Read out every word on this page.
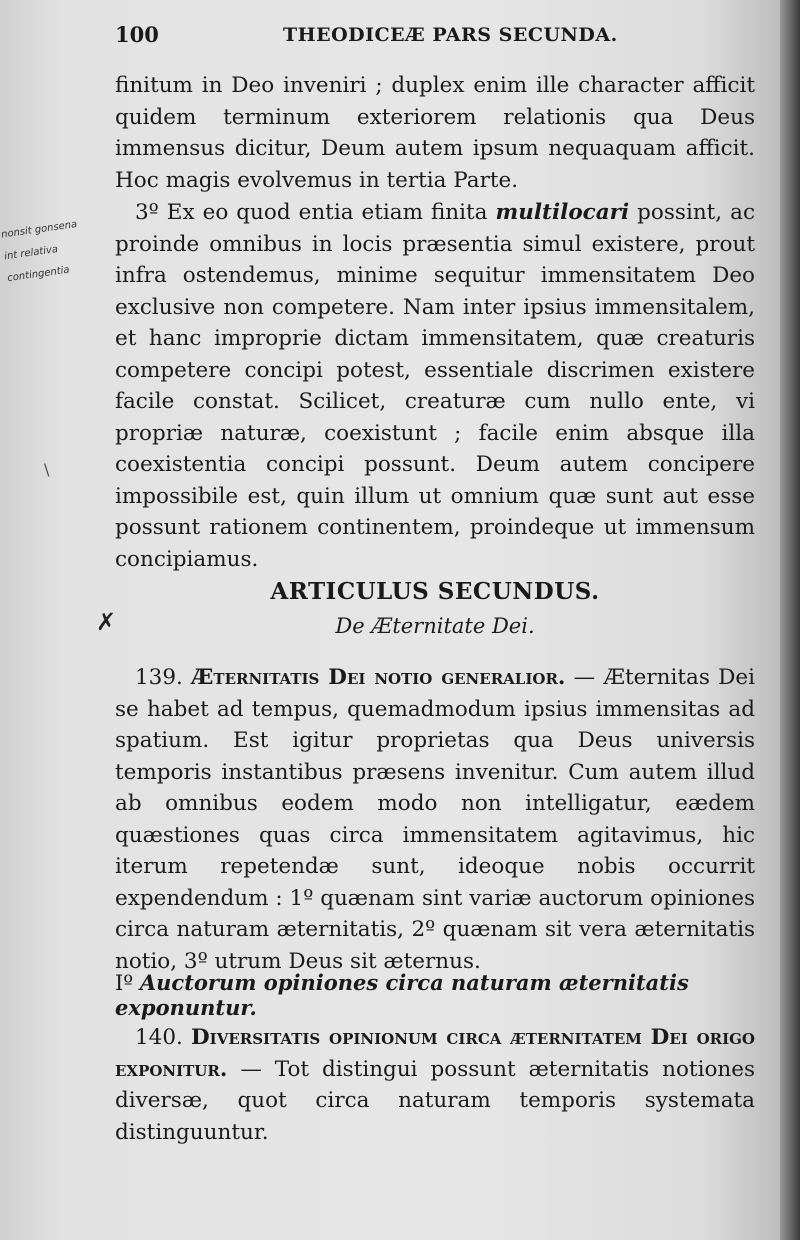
100	THEODICEÆ PARS SECUNDA.
nonsit gonsena
int relativa
contingentia
\
✗

finitum in Deo inveniri ; duplex enim ille character afficit quidem terminum exteriorem relationis qua Deus immensus dicitur, Deum autem ipsum nequaquam afficit. Hoc magis evolvemus in tertia Parte.

3º Ex eo quod entia etiam finita multilocari possint, ac proinde omnibus in locis præsentia simul existere, prout infra ostendemus, minime sequitur immensitatem Deo exclusive non competere. Nam inter ipsius immensitalem, et hanc improprie dictam immensitatem, quæ creaturis competere concipi potest, essentiale discrimen existere facile constat. Scilicet, creaturæ cum nullo ente, vi propriæ naturæ, coexistunt ; facile enim absque illa coexistentia concipi possunt. Deum autem concipere impossibile est, quin illum ut omnium quæ sunt aut esse possunt rationem continentem, proindeque ut immensum concipiamus.

ARTICULUS SECUNDUS.
De Æternitate Dei.

139. Æternitatis Dei notio generalior. — Æternitas Dei se habet ad tempus, quemadmodum ipsius immensitas ad spatium. Est igitur proprietas qua Deus universis temporis instantibus præsens invenitur. Cum autem illud ab omnibus eodem modo non intelligatur, eædem quæstiones quas circa immensitatem agitavimus, hic iterum repetendæ sunt, ideoque nobis occurrit expendendum : 1º quænam sint variæ auctorum opiniones circa naturam æternitatis, 2º quænam sit vera æternitatis notio, 3º utrum Deus sit æternus.

Iº Auctorum opiniones circa naturam æternitatis exponuntur.

140. Diversitatis opinionum circa æternitatem Dei origo exponitur. — Tot distingui possunt æternitatis notiones diversæ, quot circa naturam temporis systemata distinguuntur.
